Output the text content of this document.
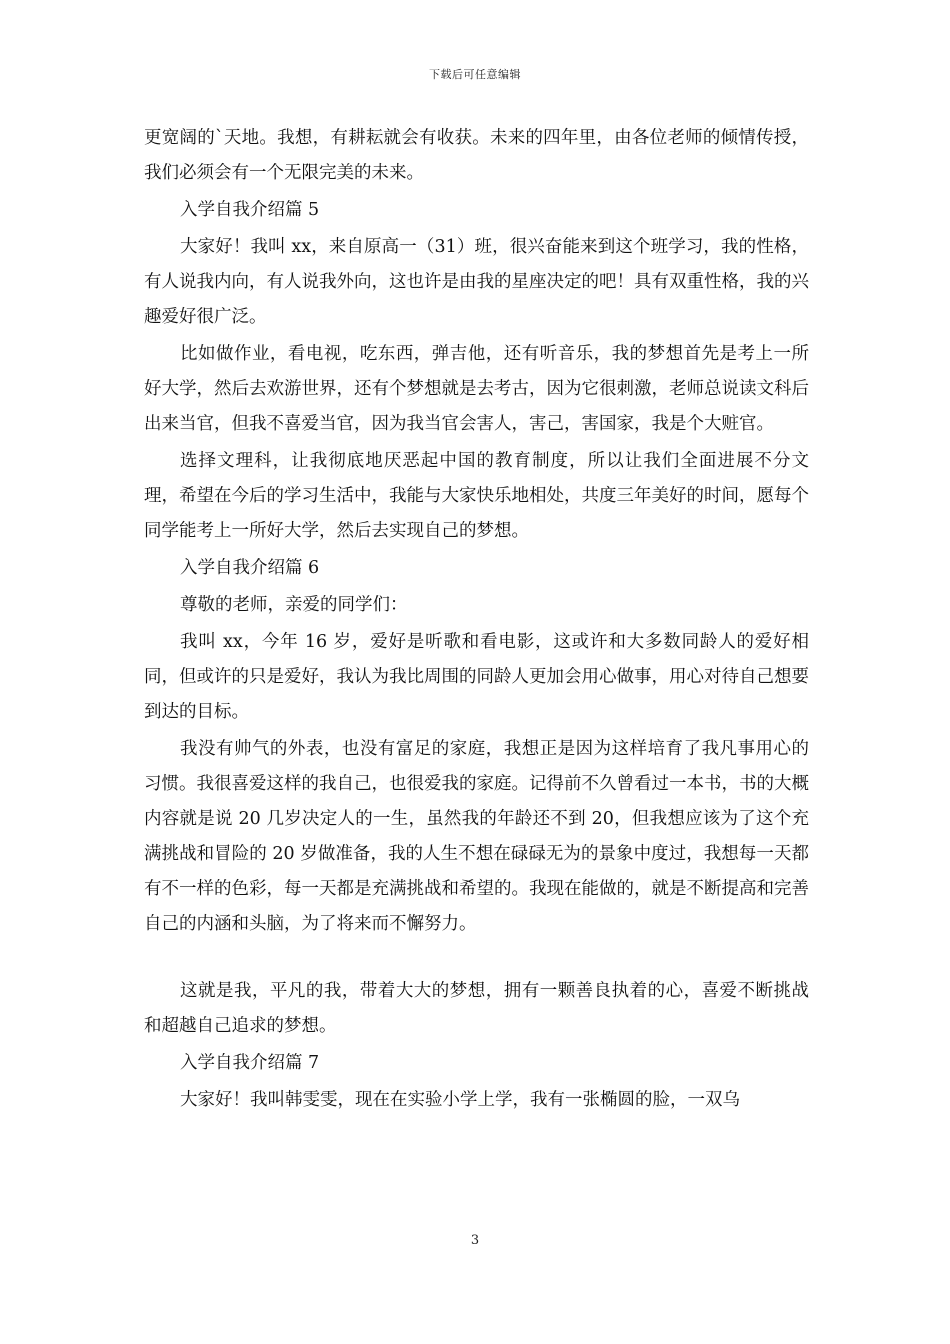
下载后可任意编辑

更宽阔的`天地。我想，有耕耘就会有收获。未来的四年里，由各位老师的倾情传授，我们必须会有一个无限完美的未来。

入学自我介绍篇 5

大家好！我叫 xx，来自原高一（31）班，很兴奋能来到这个班学习，我的性格，有人说我内向，有人说我外向，这也许是由我的星座决定的吧！具有双重性格，我的兴趣爱好很广泛。

比如做作业，看电视，吃东西，弹吉他，还有听音乐，我的梦想首先是考上一所好大学，然后去欢游世界，还有个梦想就是去考古，因为它很刺激，老师总说读文科后出来当官，但我不喜爱当官，因为我当官会害人，害己，害国家，我是个大赃官。

选择文理科，让我彻底地厌恶起中国的教育制度，所以让我们全面进展不分文理，希望在今后的学习生活中，我能与大家快乐地相处，共度三年美好的时间，愿每个同学能考上一所好大学，然后去实现自己的梦想。

入学自我介绍篇 6

尊敬的老师，亲爱的同学们：

我叫 xx，今年 16 岁，爱好是听歌和看电影，这或许和大多数同龄人的爱好相同，但或许的只是爱好，我认为我比周围的同龄人更加会用心做事，用心对待自己想要到达的目标。

我没有帅气的外表，也没有富足的家庭，我想正是因为这样培育了我凡事用心的习惯。我很喜爱这样的我自己，也很爱我的家庭。记得前不久曾看过一本书，书的大概内容就是说 20 几岁决定人的一生，虽然我的年龄还不到 20，但我想应该为了这个充满挑战和冒险的 20 岁做准备，我的人生不想在碌碌无为的景象中度过，我想每一天都有不一样的色彩，每一天都是充满挑战和希望的。我现在能做的，就是不断提高和完善自己的内涵和头脑，为了将来而不懈努力。

这就是我，平凡的我，带着大大的梦想，拥有一颗善良执着的心，喜爱不断挑战和超越自己追求的梦想。

入学自我介绍篇 7

大家好！我叫韩雯雯，现在在实验小学上学，我有一张椭圆的脸，一双乌

3
